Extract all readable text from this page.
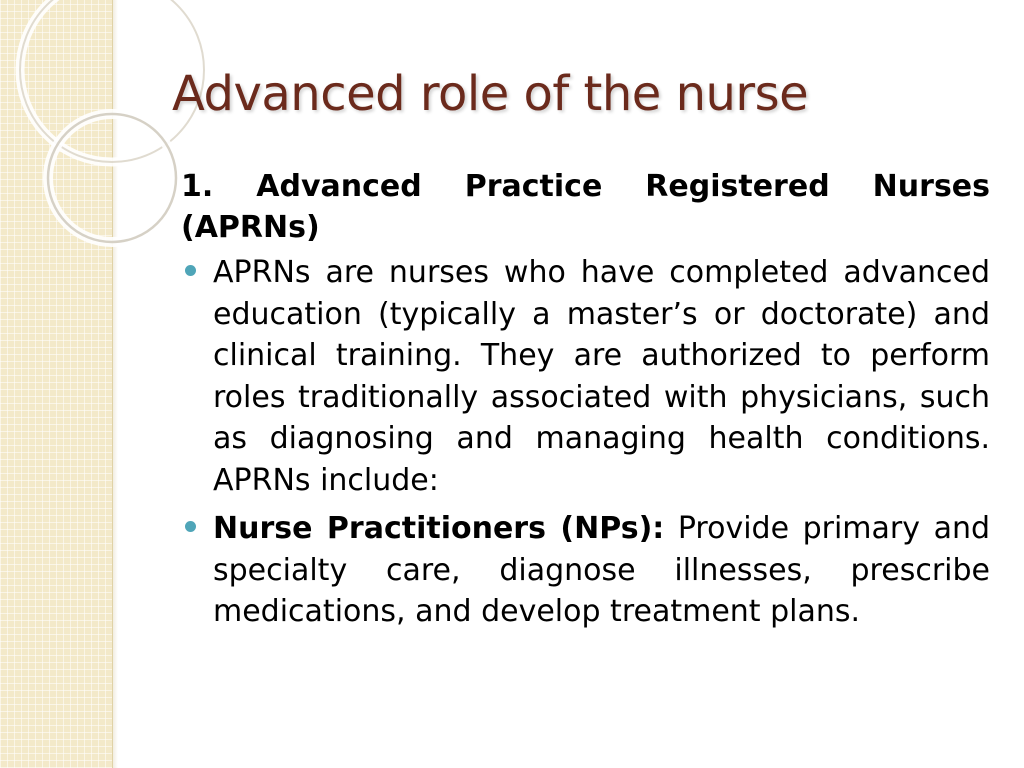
Advanced role of the nurse
1. Advanced Practice Registered Nurses (APRNs)
APRNs are nurses who have completed advanced education (typically a master’s or doctorate) and clinical training. They are authorized to perform roles traditionally associated with physicians, such as diagnosing and managing health conditions. APRNs include:
Nurse Practitioners (NPs): Provide primary and specialty care, diagnose illnesses, prescribe medications, and develop treatment plans.
